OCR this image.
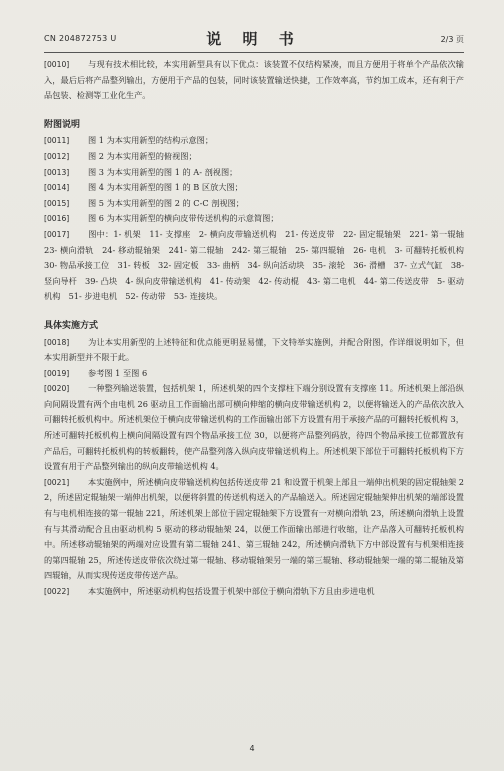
CN 204872753 U	说 明 书	2/3 页

[0010] 与现有技术相比较，本实用新型具有以下优点：该装置不仅结构紧凑，而且方便用于将单个产品依次输入，最后后将产品整列输出，方便用于产品的包装，同时该装置输送快捷，工作效率高，节约加工成本，还有利于产品包装、检测等工业化生产。

附图说明

[0011] 图 1 为本实用新型的结构示意图；

[0012] 图 2 为本实用新型的俯视图；

[0013] 图 3 为本实用新型的图 1 的 A- 剖视图；

[0014] 图 4 为本实用新型的图 1 的 B 区放大图；

[0015] 图 5 为本实用新型的图 2 的 C-C 剖视图；

[0016] 图 6 为本实用新型的横向皮带传送机构的示意简图；

[0017] 图中：1- 机架　11- 支撑座　2- 横向皮带输送机构　21- 传送皮带　22- 固定辊轴架　221- 第一辊轴　23- 横向滑轨　24- 移动辊轴架　241- 第二辊轴　242- 第三辊轴　25- 第四辊轴　26- 电机　3- 可翻转托板机构　30- 物品承接工位　31- 转板　32- 固定板　33- 曲柄　34- 纵向活动块　35- 滚轮　36- 滑槽　37- 立式气缸　38- 竖向导杆　39- 凸块　4- 纵向皮带输送机构　41- 传动架　42- 传动棍　43- 第二电机　44- 第二传送皮带　5- 驱动机构　51- 步进电机　52- 传动带　53- 连接块。

具体实施方式

[0018] 为让本实用新型的上述特征和优点能更明显易懂，下文特举实施例，并配合附图，作详细说明如下，但本实用新型并不限于此。

[0019] 参考图 1 至图 6

[0020] 一种整列输送装置，包括机架 1，所述机架的四个支撑柱下端分别设置有支撑座 11。所述机架上部沿纵向间隔设置有两个由电机 26 驱动且工作面输出部可横向伸缩的横向皮带输送机构 2，以便将输送入的产品依次放入可翻转托板机构中。所述机架位于横向皮带输送机构的工作面输出部下方设置有用于承接产品的可翻转托板机构 3，所述可翻转托板机构上横向间隔设置有四个物品承接工位 30，以便将产品整列码放，待四个物品承接工位都置放有产品后，可翻转托板机构的转板翻转，使产品整列落入纵向皮带输送机构上。所述机架下部位于可翻转托板机构下方设置有用于产品整列输出的纵向皮带输送机构 4。

[0021] 本实施例中，所述横向皮带输送机构包括传送皮带 21 和设置于机架上部且一端伸出机架的固定辊轴架 22，所述固定辊轴架一端伸出机架，以便将斜置的传送机构送入的产品输送入。所述固定辊轴架伸出机架的端部设置有与电机相连接的第一辊轴 221，所述机架上部位于固定辊轴架下方设置有一对横向滑轨 23，所述横向滑轨上设置有与其滑动配合且由驱动机构 5 驱动的移动辊轴架 24，以便工作面输出部进行收缩，让产品落入可翻转托板机构中。所述移动辊轴架的两端对应设置有第二辊轴 241、第三辊轴 242，所述横向滑轨下方中部设置有与机架相连接的第四辊轴 25，所述传送皮带依次绕过第一辊轴、移动辊轴架另一端的第三辊轴、移动辊轴架一端的第二辊轴及第四辊轴，从而实现传送皮带传送产品。

[0022] 本实施例中，所述驱动机构包括设置于机架中部位于横向滑轨下方且由步进电机

4
